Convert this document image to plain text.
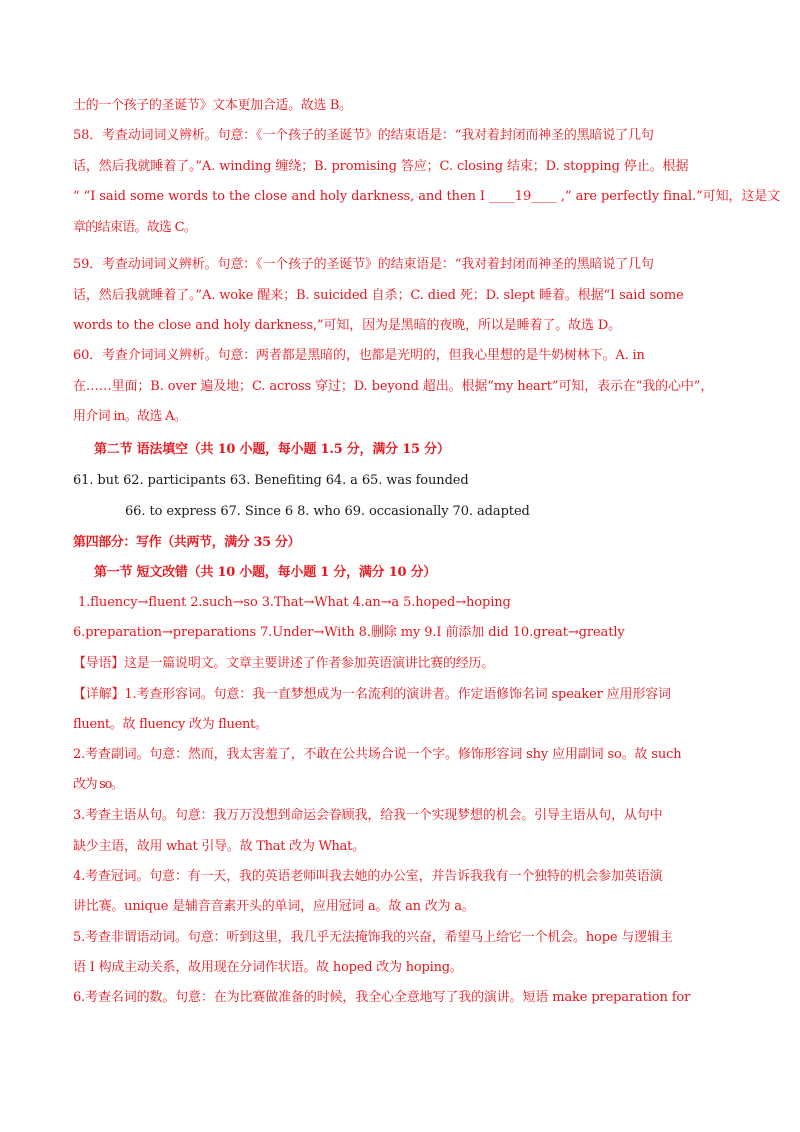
士的一个孩子的圣诞节》文本更加合适。故选 B。
58．考查动词词义辨析。句意：《一个孩子的圣诞节》的结束语是：“我对着封闭而神圣的黑暗说了几句
话，然后我就睡着了。”A. winding 缠绕；B. promising 答应；C. closing 结束；D. stopping 停止。根据
“ “I said some words to the close and holy darkness, and then I ____19____ ,” are perfectly final.”可知，这是文
章的结束语。故选 C。
59．考查动词词义辨析。句意：《一个孩子的圣诞节》的结束语是：“我对着封闭而神圣的黑暗说了几句
话，然后我就睡着了。”A. woke 醒来；B. suicided 自杀；C. died 死；D. slept 睡着。根据“I said some
words to the close and holy darkness,”可知，因为是黑暗的夜晚，所以是睡着了。故选 D。
60．考查介词词义辨析。句意：两者都是黑暗的，也都是光明的，但我心里想的是牛奶树林下。A. in
在……里面；B. over 遍及地；C. across 穿过；D. beyond 超出。根据“my heart”可知，表示在“我的心中”，
用介词 in。故选 A。
第二节 语法填空（共 10 小题，每小题 1.5 分，满分 15 分）
61. but 62. participants 63. Benefiting 64. a 65. was founded
66. to express 67. Since 6 8. who 69. occasionally 70. adapted
第四部分：写作（共两节，满分 35 分）
第一节 短文改错（共 10 小题，每小题 1 分，满分 10 分）
1.fluency→fluent 2.such→so 3.That→What 4.an→a 5.hoped→hoping
6.preparation→preparations 7.Under→With 8.删除 my 9.I 前添加 did 10.great→greatly
【导语】这是一篇说明文。文章主要讲述了作者参加英语演讲比赛的经历。
【详解】1.考查形容词。句意：我一直梦想成为一名流利的演讲者。作定语修饰名词 speaker 应用形容词
fluent。故 fluency 改为 fluent。
2.考查副词。句意：然而，我太害羞了，不敢在公共场合说一个字。修饰形容词 shy 应用副词 so。故 such
改为 so。
3.考查主语从句。句意：我万万没想到命运会眷顾我，给我一个实现梦想的机会。引导主语从句，从句中
缺少主语，故用 what 引导。故 That 改为 What。
4.考查冠词。句意：有一天，我的英语老师叫我去她的办公室，并告诉我我有一个独特的机会参加英语演
讲比赛。unique 是辅音音素开头的单词，应用冠词 a。故 an 改为 a。
5.考查非谓语动词。句意：听到这里，我几乎无法掩饰我的兴奋，希望马上给它一个机会。hope 与逻辑主
语 I 构成主动关系，故用现在分词作状语。故 hoped 改为 hoping。
6.考查名词的数。句意：在为比赛做准备的时候，我全心全意地写了我的演讲。短语 make preparation for
